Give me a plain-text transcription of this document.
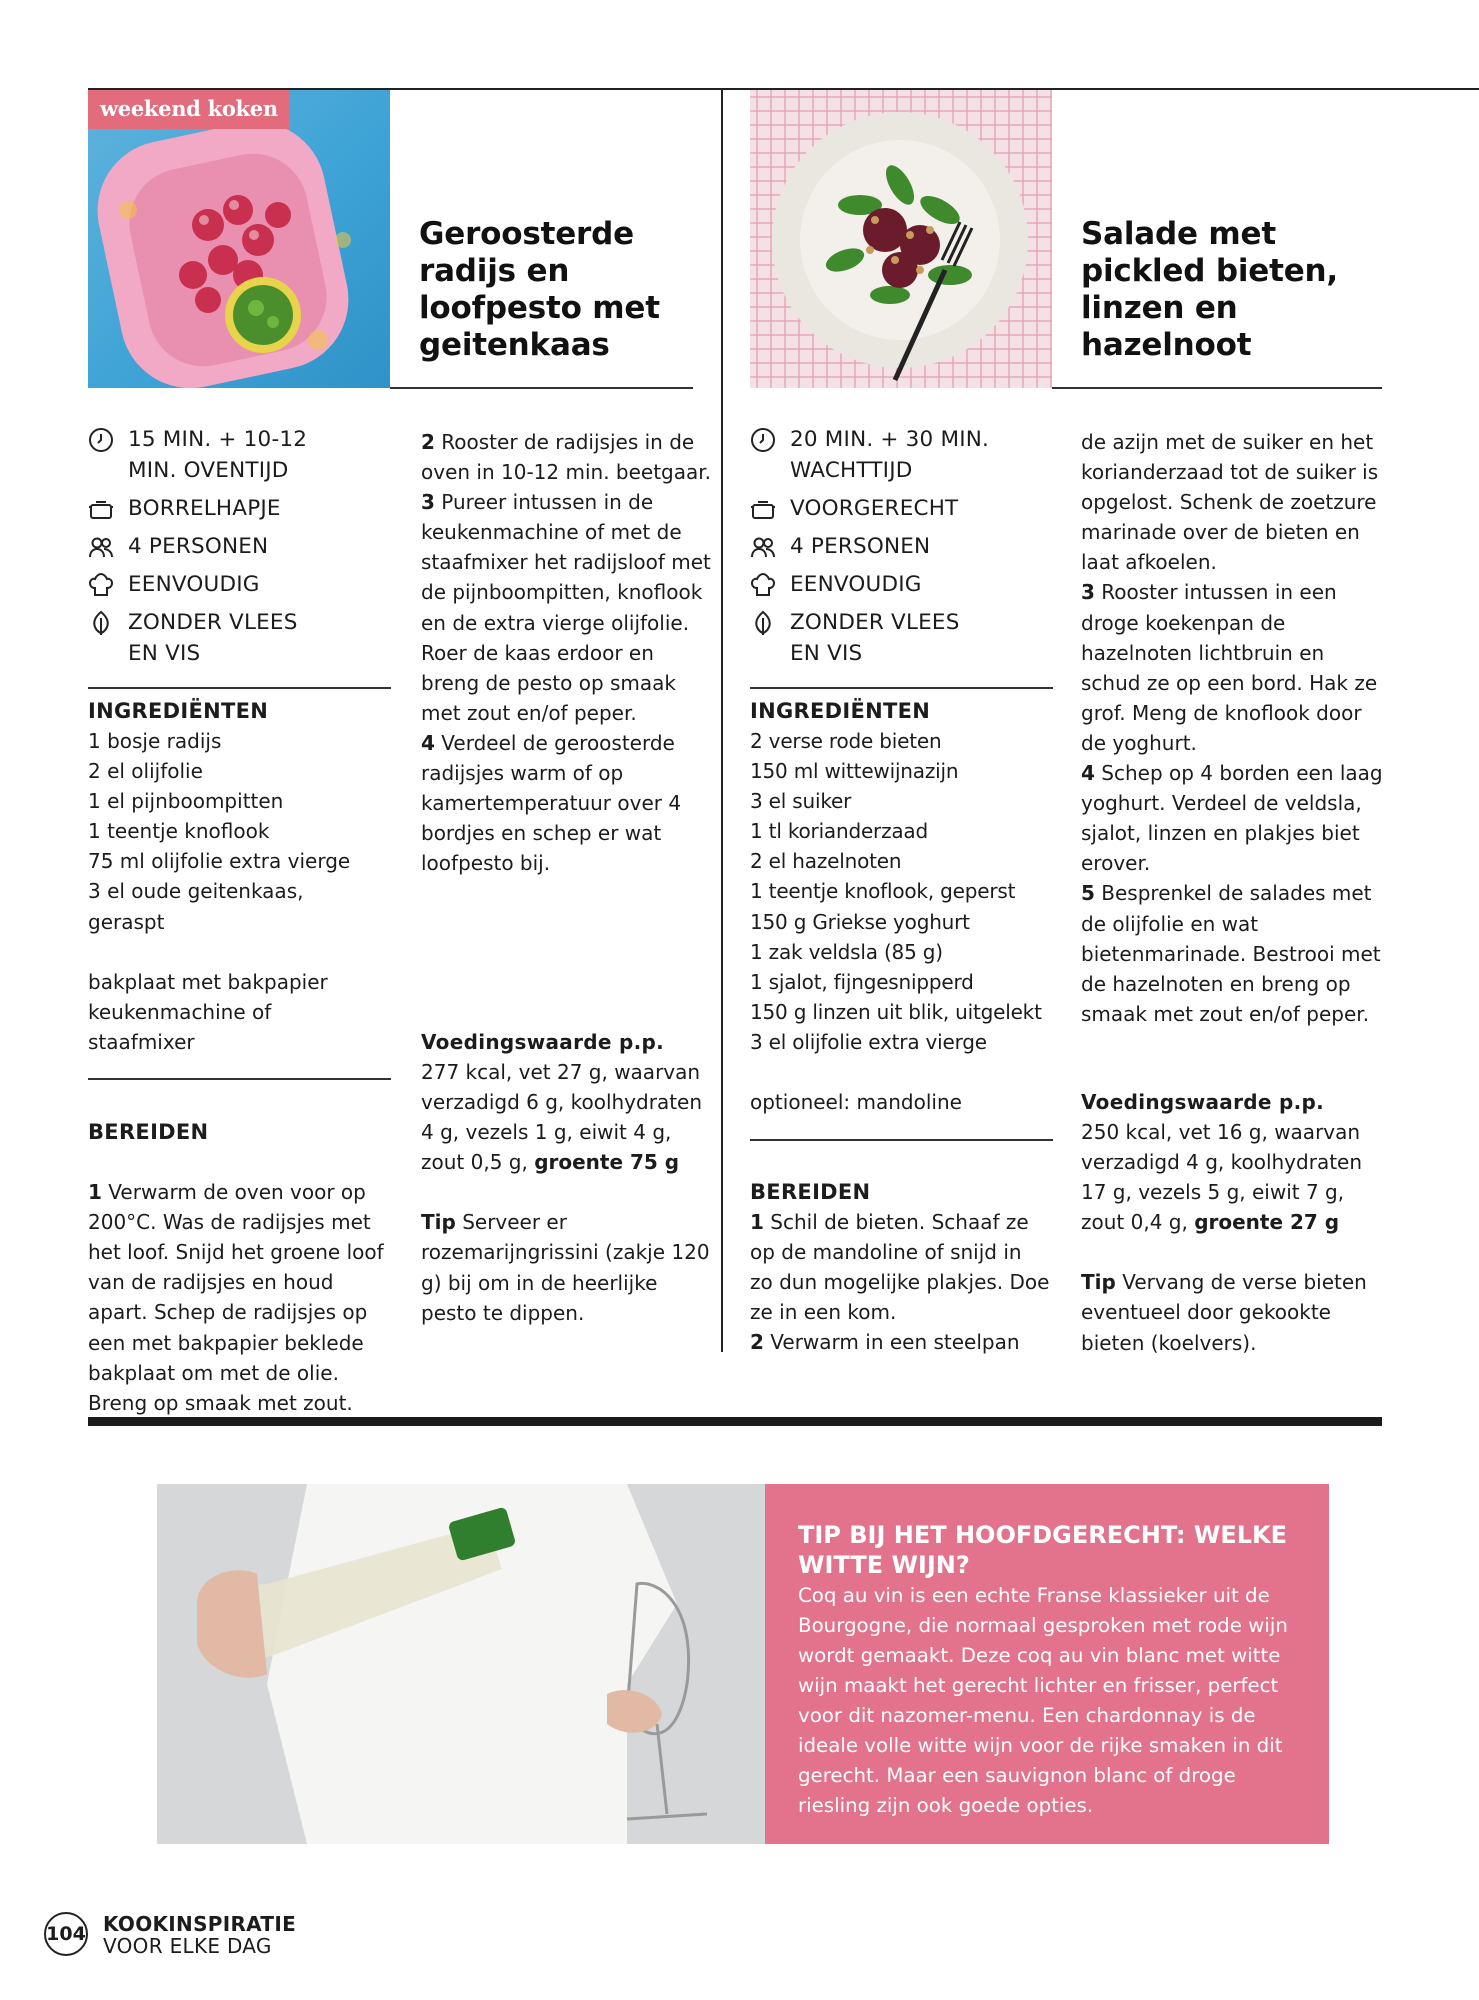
weekend koken
Geroosterde radijs en loofpesto met geitenkaas
15 MIN. + 10-12 MIN. OVENTIJD
BORRELHAPJE
4 PERSONEN
EENVOUDIG
ZONDER VLEES EN VIS
INGREDIËNTEN
1 bosje radijs
2 el olijfolie
1 el pijnboompitten
1 teentje knoflook
75 ml olijfolie extra vierge
3 el oude geitenkaas,
geraspt
bakplaat met bakpapier
keukenmachine of
staafmixer
BEREIDEN

1 Verwarm de oven voor op 200°C. Was de radijsjes met het loof. Snijd het groene loof van de radijsjes en houd apart. Schep de radijsjes op een met bakpapier beklede bakplaat om met de olie. Breng op smaak met zout.

2 Rooster de radijsjes in de oven in 10-12 min. beetgaar.
3 Pureer intussen in de keukenmachine of met de staafmixer het radijsloof met de pijnboompitten, knoflook en de extra vierge olijfolie. Roer de kaas erdoor en breng de pesto op smaak met zout en/of peper.
4 Verdeel de geroosterde radijsjes warm of op kamertemperatuur over 4 bordjes en schep er wat loofpesto bij.
Voedingswaarde p.p.
277 kcal, vet 27 g, waarvan verzadigd 6 g, koolhydraten 4 g, vezels 1 g, eiwit 4 g, zout 0,5 g, groente 75 g
Tip Serveer er rozemarijngrissini (zakje 120 g) bij om in de heerlijke pesto te dippen.
Salade met pickled bieten, linzen en hazelnoot
20 MIN. + 30 MIN. WACHTTIJD
VOORGERECHT
4 PERSONEN
EENVOUDIG
ZONDER VLEES EN VIS
INGREDIËNTEN
2 verse rode bieten
150 ml wittewijnazijn
3 el suiker
1 tl korianderzaad
2 el hazelnoten
1 teentje knoflook, geperst
150 g Griekse yoghurt
1 zak veldsla (85 g)
1 sjalot, fijngesnipperd
150 g linzen uit blik, uitgelekt
3 el olijfolie extra vierge
optioneel: mandoline
BEREIDEN
1 Schil de bieten. Schaaf ze op de mandoline of snijd in zo dun mogelijke plakjes. Doe ze in een kom.
2 Verwarm in een steelpan
de azijn met de suiker en het korianderzaad tot de suiker is opgelost. Schenk de zoetzure marinade over de bieten en laat afkoelen.
3 Rooster intussen in een droge koekenpan de hazelnoten lichtbruin en schud ze op een bord. Hak ze grof. Meng de knoflook door de yoghurt.
4 Schep op 4 borden een laag yoghurt. Verdeel de veldsla, sjalot, linzen en plakjes biet erover.
5 Besprenkel de salades met de olijfolie en wat bietenmarinade. Bestrooi met de hazelnoten en breng op smaak met zout en/of peper.
Voedingswaarde p.p.
250 kcal, vet 16 g, waarvan verzadigd 4 g, koolhydraten 17 g, vezels 5 g, eiwit 7 g, zout 0,4 g, groente 27 g
Tip Vervang de verse bieten eventueel door gekookte bieten (koelvers).
TIP BIJ HET HOOFDGERECHT: WELKE WITTE WIJN?
Coq au vin is een echte Franse klassieker uit de Bourgogne, die normaal gesproken met rode wijn wordt gemaakt. Deze coq au vin blanc met witte wijn maakt het gerecht lichter en frisser, perfect voor dit nazomer-menu. Een chardonnay is de ideale volle witte wijn voor de rijke smaken in dit gerecht. Maar een sauvignon blanc of droge riesling zijn ook goede opties.
104 KOOKINSPIRATIE
VOOR ELKE DAG
